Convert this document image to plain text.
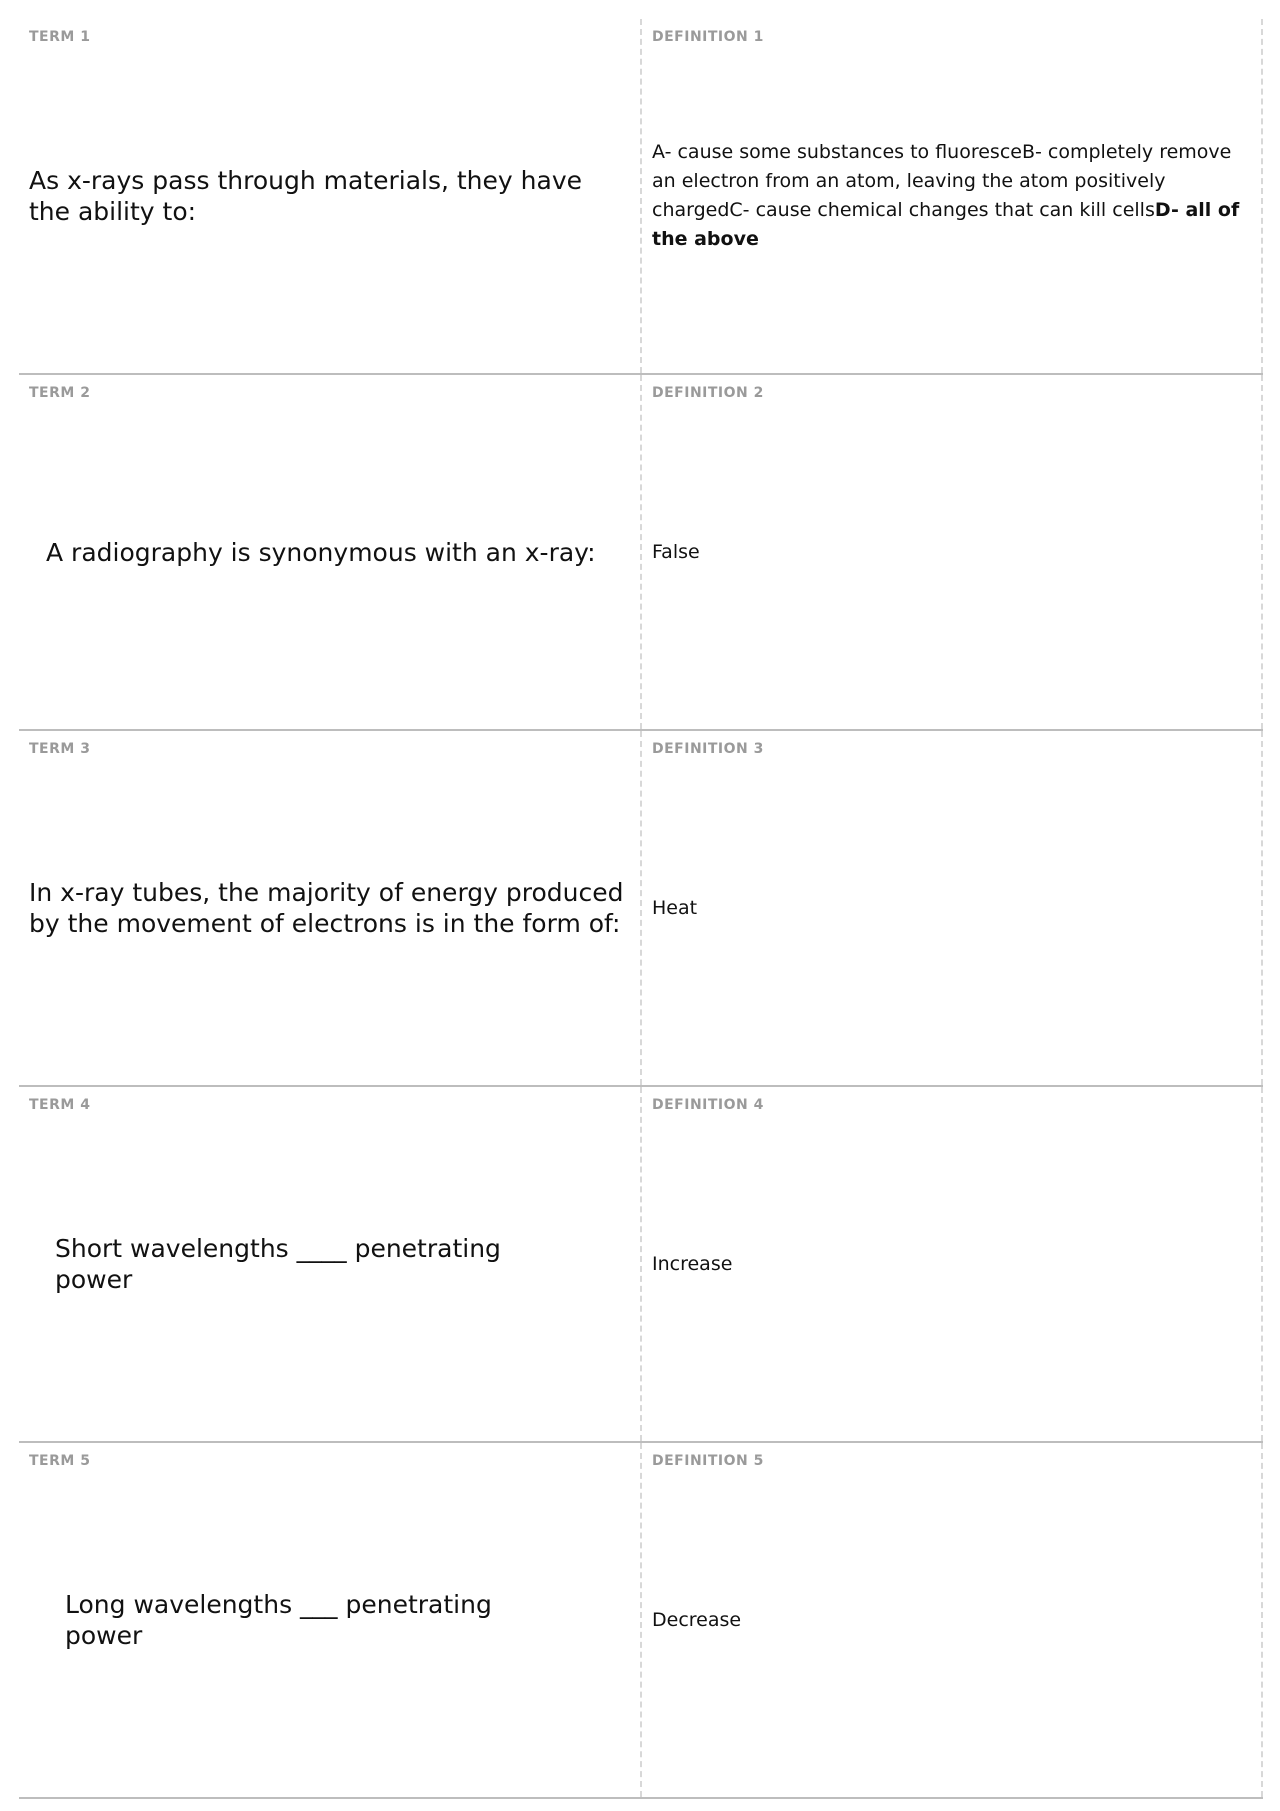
TERM 1
As x-rays pass through materials, they have the ability to:
DEFINITION 1
A- cause some substances to fluoresceB- completely remove an electron from an atom, leaving the atom positively chargedC- cause chemical changes that can kill cellsD- all of the above
TERM 2
A radiography is synonymous with an x-ray:
DEFINITION 2
False
TERM 3
In x-ray tubes, the majority of energy produced by the movement of electrons is in the form of:
DEFINITION 3
Heat
TERM 4
Short wavelengths ____ penetrating power
DEFINITION 4
Increase
TERM 5
Long wavelengths ___ penetrating power
DEFINITION 5
Decrease
